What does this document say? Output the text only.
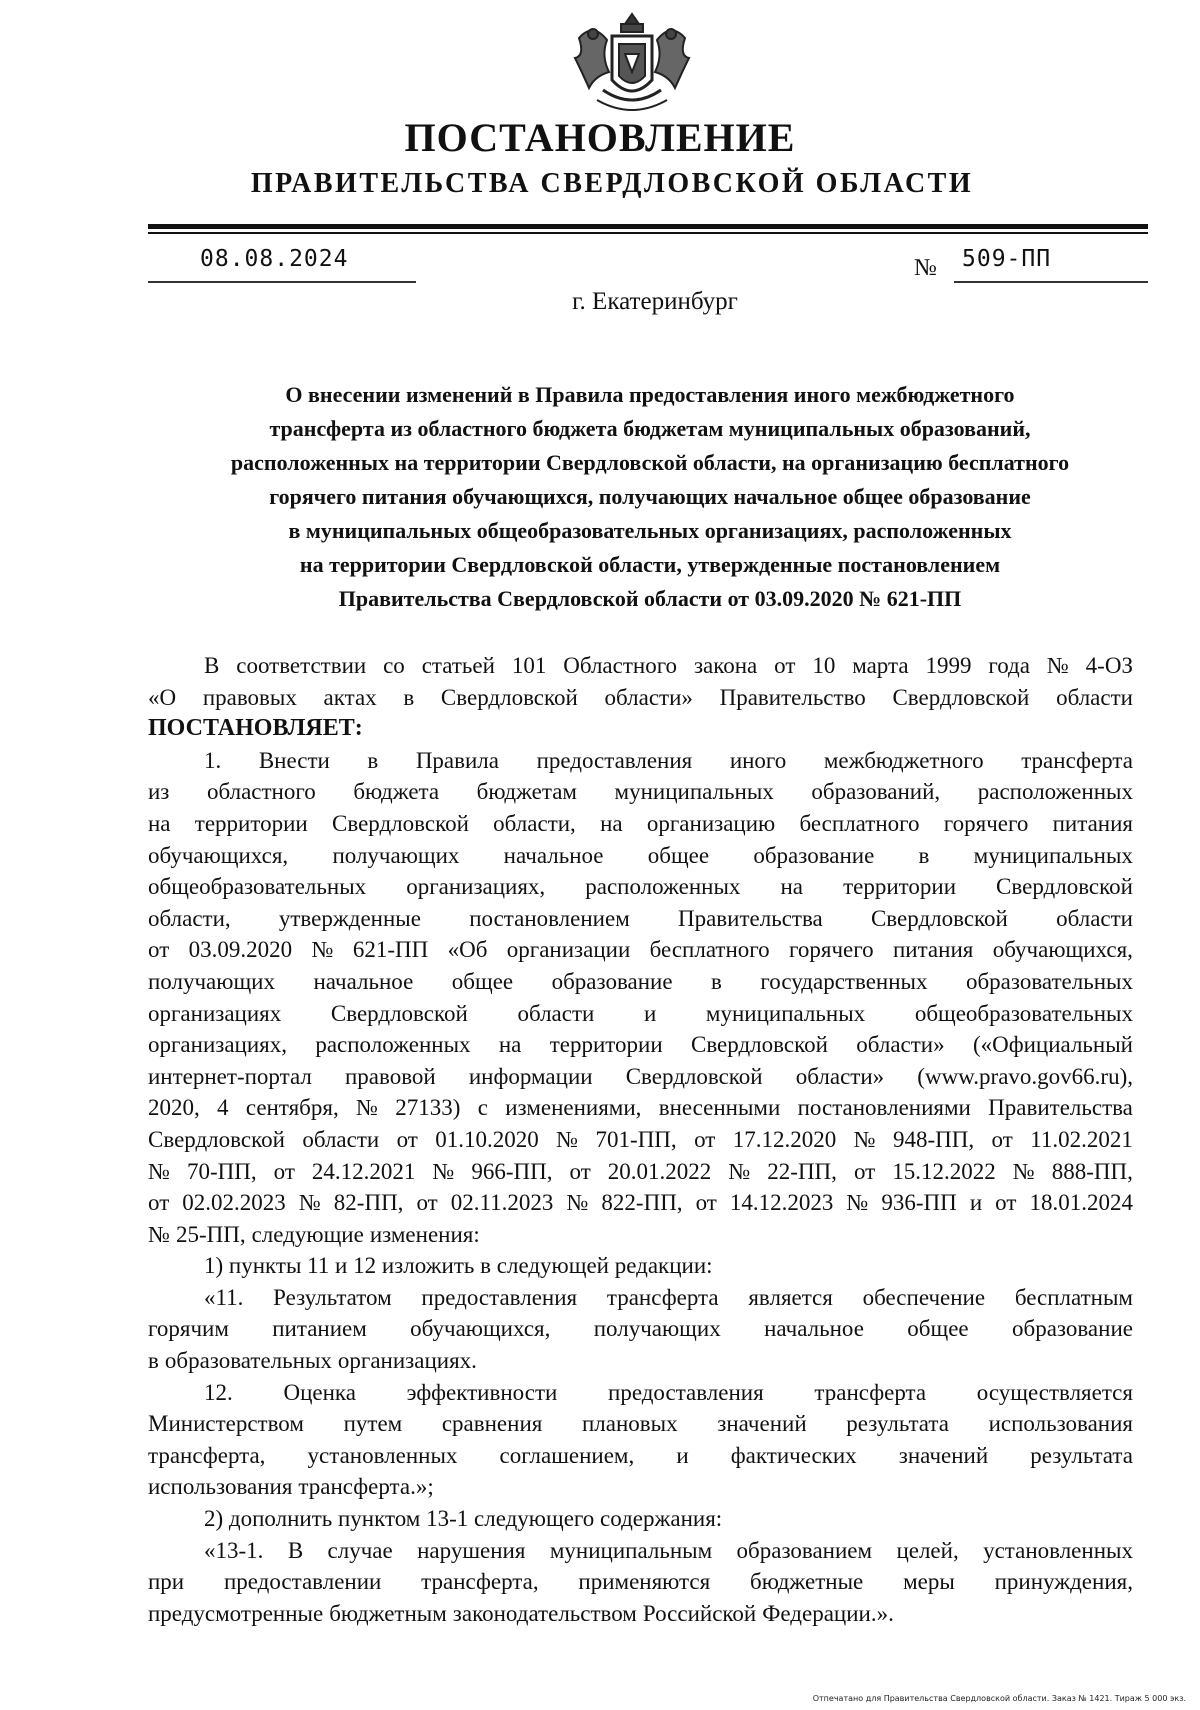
ПОСТАНОВЛЕНИЕ
ПРАВИТЕЛЬСТВА СВЕРДЛОВСКОЙ ОБЛАСТИ
08.08.2024	№ 509-ПП
г. Екатеринбург
О внесении изменений в Правила предоставления иного межбюджетного
трансферта из областного бюджета бюджетам муниципальных образований,
расположенных на территории Свердловской области, на организацию бесплатного
горячего питания обучающихся, получающих начальное общее образование
в муниципальных общеобразовательных организациях, расположенных
на территории Свердловской области, утвержденные постановлением
Правительства Свердловской области от 03.09.2020 № 621-ПП
В соответствии со статьей 101 Областного закона от 10 марта 1999 года № 4-ОЗ
«О правовых актах в Свердловской области» Правительство Свердловской области
ПОСТАНОВЛЯЕТ:
1. Внести в Правила предоставления иного межбюджетного трансферта
из областного бюджета бюджетам муниципальных образований, расположенных
на территории Свердловской области, на организацию бесплатного горячего питания
обучающихся, получающих начальное общее образование в муниципальных
общеобразовательных организациях, расположенных на территории Свердловской
области, утвержденные постановлением Правительства Свердловской области
от 03.09.2020 № 621-ПП «Об организации бесплатного горячего питания обучающихся,
получающих начальное общее образование в государственных образовательных
организациях Свердловской области и муниципальных общеобразовательных
организациях, расположенных на территории Свердловской области» («Официальный
интернет-портал правовой информации Свердловской области» (www.pravo.gov66.ru),
2020, 4 сентября, № 27133) с изменениями, внесенными постановлениями Правительства
Свердловской области от 01.10.2020 № 701-ПП, от 17.12.2020 № 948-ПП, от 11.02.2021
№ 70-ПП, от 24.12.2021 № 966-ПП, от 20.01.2022 № 22-ПП, от 15.12.2022 № 888-ПП,
от 02.02.2023 № 82-ПП, от 02.11.2023 № 822-ПП, от 14.12.2023 № 936-ПП и от 18.01.2024
№ 25-ПП, следующие изменения:
1) пункты 11 и 12 изложить в следующей редакции:
«11. Результатом предоставления трансферта является обеспечение бесплатным
горячим питанием обучающихся, получающих начальное общее образование
в образовательных организациях.
12. Оценка эффективности предоставления трансферта осуществляется
Министерством путем сравнения плановых значений результата использования
трансферта, установленных соглашением, и фактических значений результата
использования трансферта.»;
2) дополнить пунктом 13-1 следующего содержания:
«13-1. В случае нарушения муниципальным образованием целей, установленных
при предоставлении трансферта, применяются бюджетные меры принуждения,
предусмотренные бюджетным законодательством Российской Федерации.».
Отпечатано для Правительства Свердловской области. Заказ № 1421. Тираж 5 000 экз.
